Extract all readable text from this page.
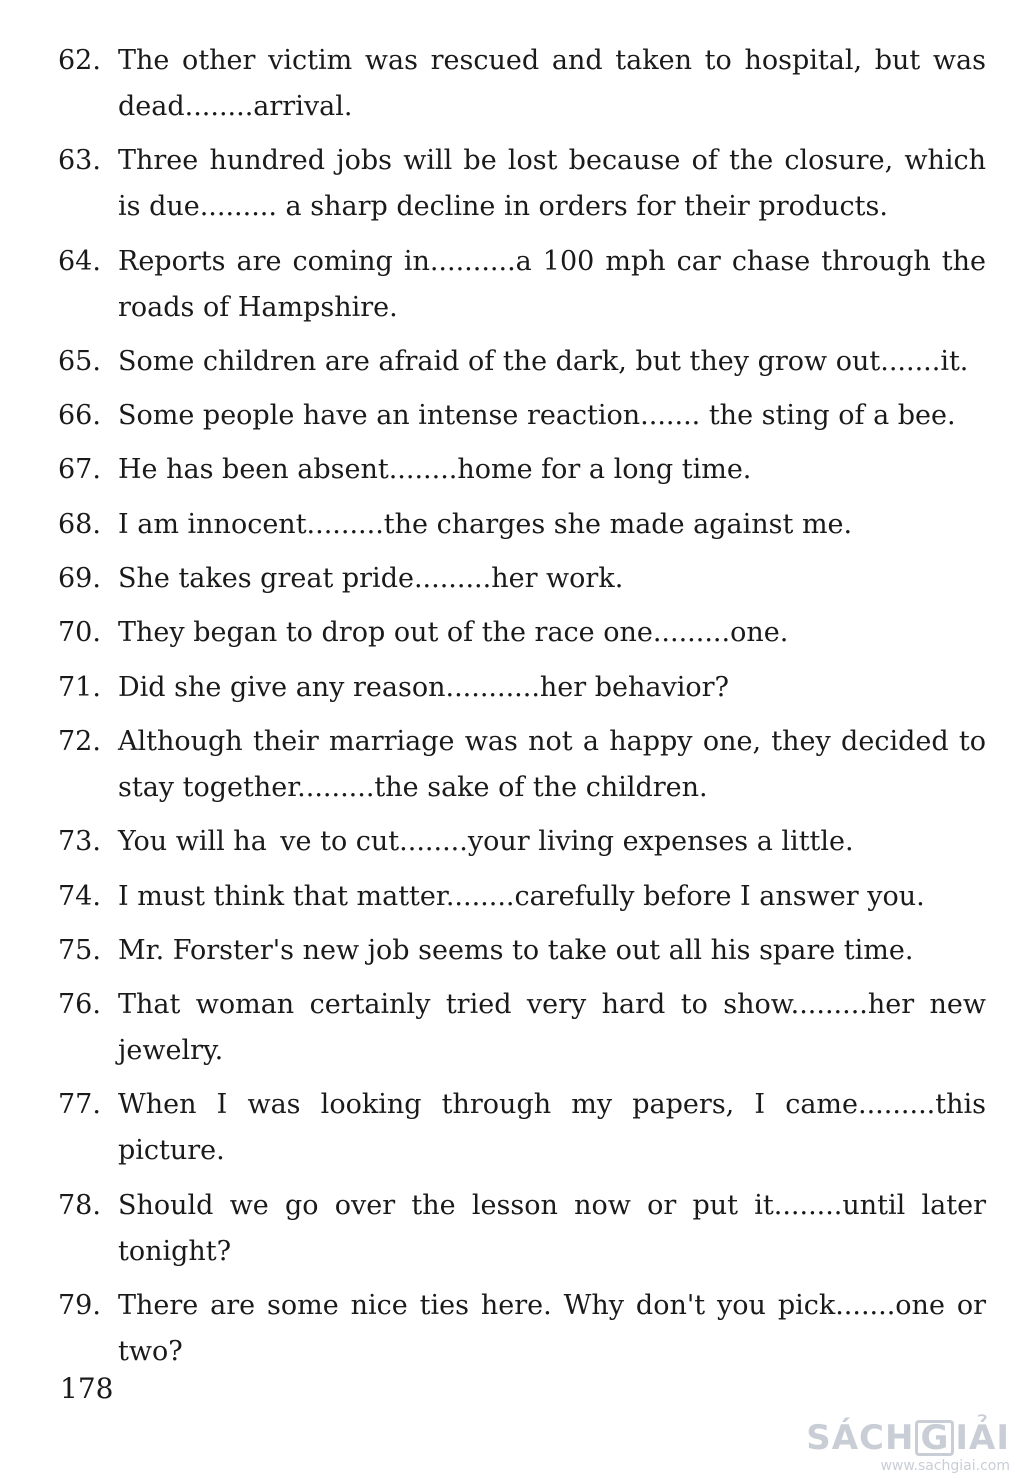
62. The other victim was rescued and taken to hospital, but was dead........arrival.
63. Three hundred jobs will be lost because of the closure, which is due......... a sharp decline in orders for their products.
64. Reports are coming in..........a 100 mph car chase through the roads of Hampshire.
65. Some children are afraid of the dark, but they grow out.......it.
66. Some people have an intense reaction....... the sting of a bee.
67. He has been absent........home for a long time.
68. I am innocent.........the charges she made against me.
69. She takes great pride.........her work.
70. They began to drop out of the race one.........one.
71. Did she give any reason...........her behavior?
72. Although their marriage was not a happy one, they decided to stay together.........the sake of the children.
73. You will ha ve to cut........your living expenses a little.
74. I must think that matter........carefully before I answer you.
75. Mr. Forster's new job seems to take out all his spare time.
76. That woman certainly tried very hard to show.........her new jewelry.
77. When I was looking through my papers, I came.........this picture.
78. Should we go over the lesson now or put it........until later tonight?
79. There are some nice ties here. Why don't you pick.......one or two?
178
SÁCH G IẢI
www.sachgiai.com
